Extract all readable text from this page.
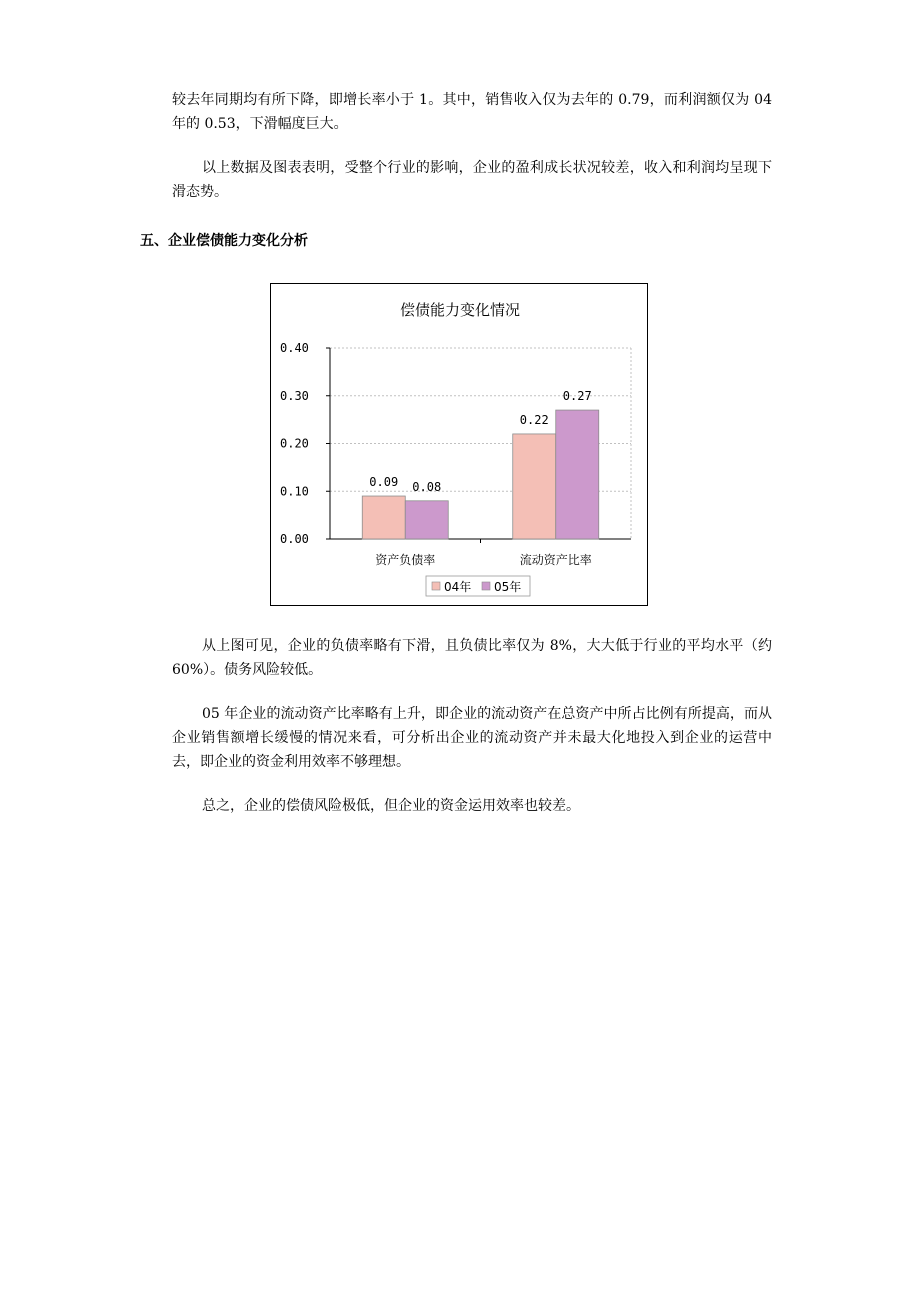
较去年同期均有所下降，即增长率小于 1。其中，销售收入仅为去年的 0.79，而利润额仅为 04 年的 0.53，下滑幅度巨大。

以上数据及图表表明，受整个行业的影响，企业的盈利成长状况较差，收入和利润均呈现下滑态势。

五、企业偿债能力变化分析
偿债能力变化情况
0.00
0.10
0.20
0.30
0.40
资产负债率	流动资产比率
0.09 0.08
0.22
0.27
04年 05年

从上图可见，企业的负债率略有下滑，且负债比率仅为 8%，大大低于行业的平均水平（约 60%）。债务风险较低。

05 年企业的流动资产比率略有上升，即企业的流动资产在总资产中所占比例有所提高，而从企业销售额增长缓慢的情况来看，可分析出企业的流动资产并未最大化地投入到企业的运营中去，即企业的资金利用效率不够理想。

总之，企业的偿债风险极低，但企业的资金运用效率也较差。
